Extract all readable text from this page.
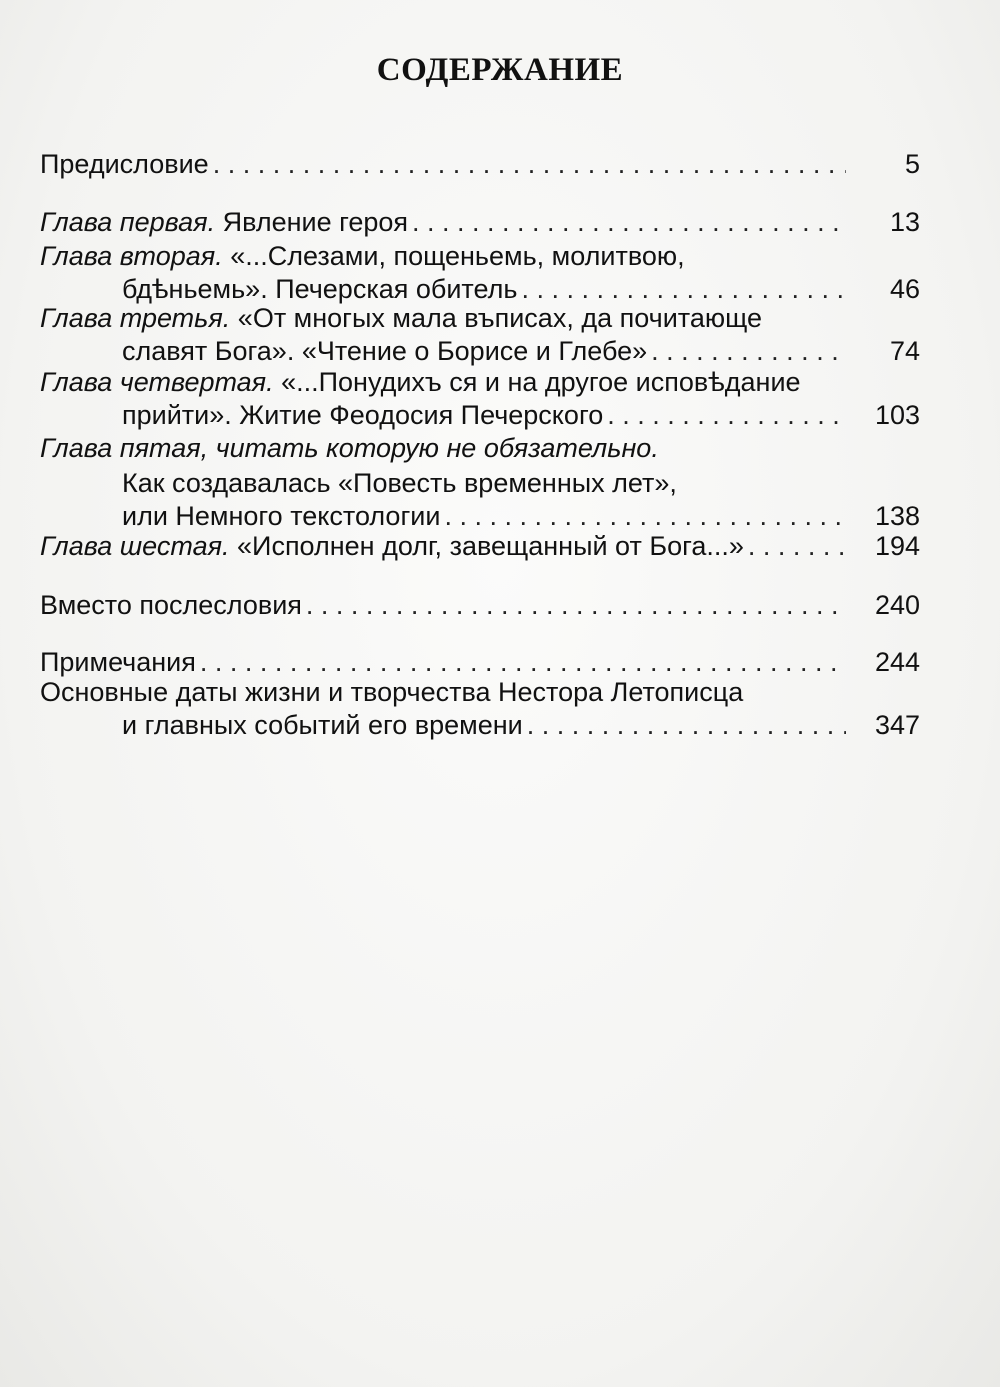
СОДЕРЖАНИЕ
Предисловие . . .	5
Глава первая. Явление героя . . .	13
Глава вторая. «...Слезами, пощеньемь, молитвою,
бдѣньемь». Печерская обитель . . .	46
Глава третья. «От многых мала въписах, да почитающе
славят Бога». «Чтение о Борисе и Глебе» . . .	74
Глава четвертая. «...Понудихъ ся и на другое исповѣдание
прийти». Житие Феодосия Печерского . . .	103
Глава пятая, читать которую не обязательно.
Как создавалась «Повесть временных лет»,
или Немного текстологии . . .	138
Глава шестая. «Исполнен долг, завещанный от Бога...» . . .	194
Вместо послесловия . . .	240
Примечания . . .	244
Основные даты жизни и творчества Нестора Летописца
и главных событий его времени . . .	347
